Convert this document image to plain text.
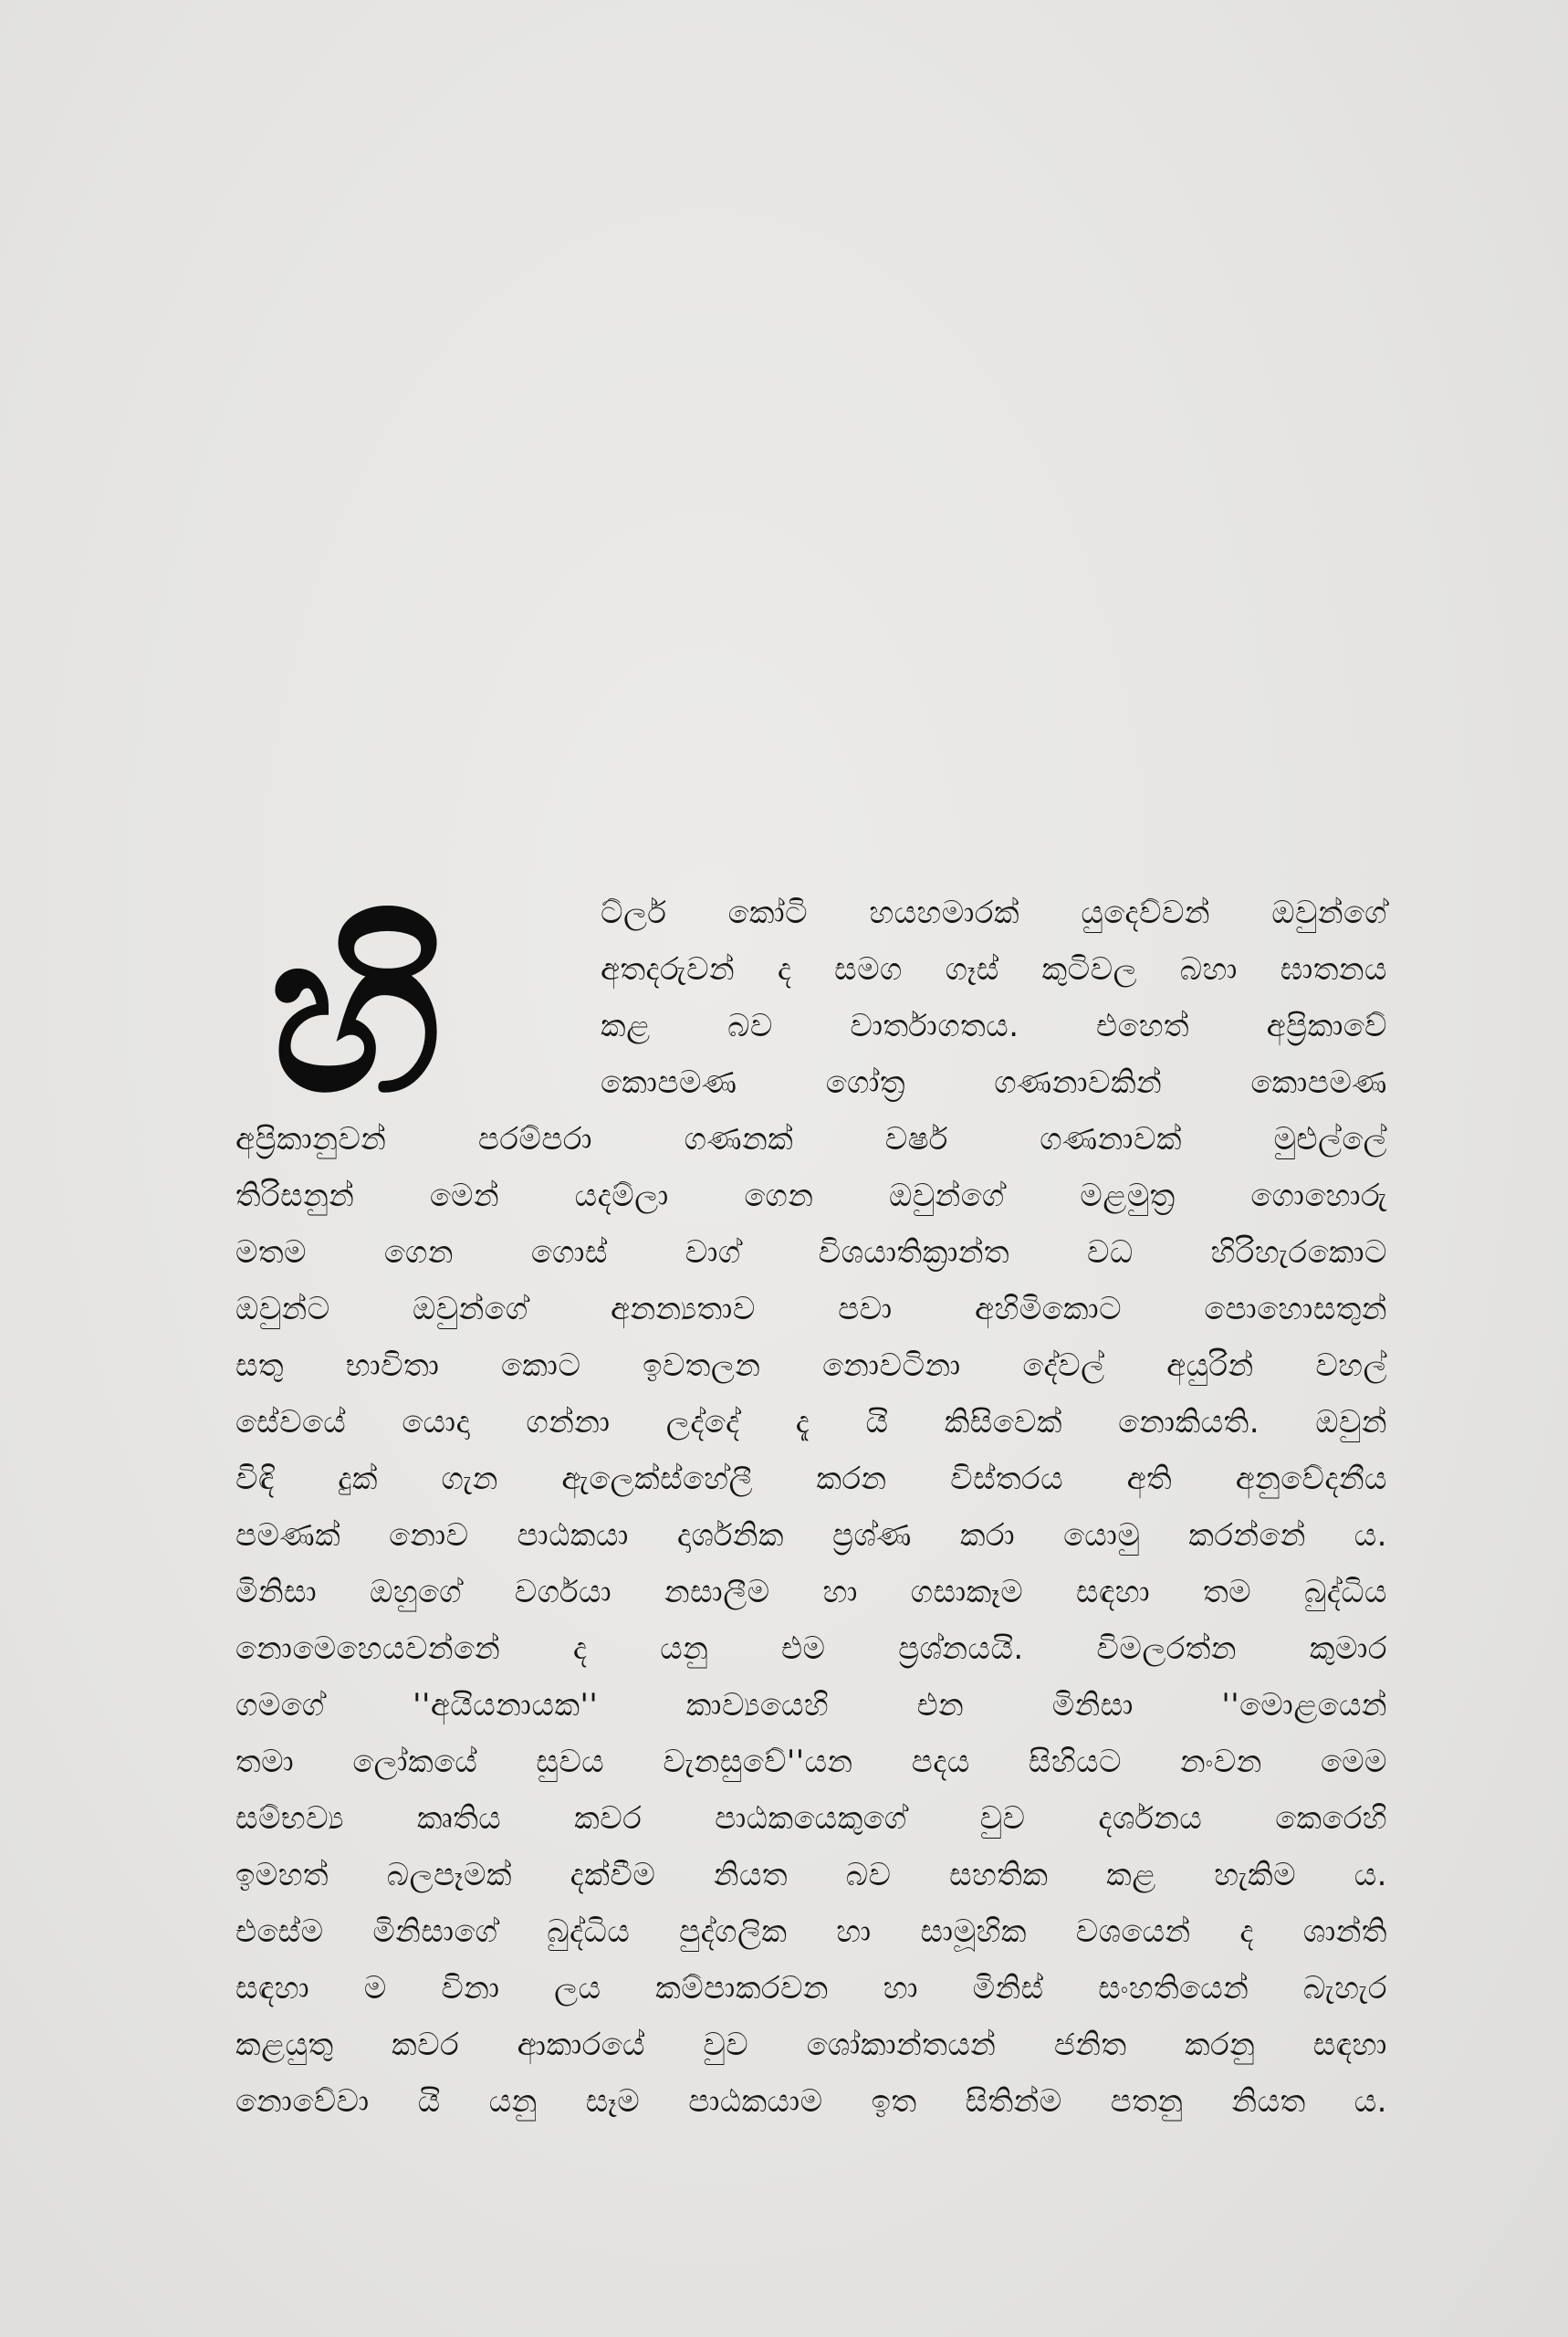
හි	ට්ලර් කෝටි හයහමාරක් යුදෙව්වන් ඔවුන්ගේ
අතදරුවන් ද සමග ගෑස් කුටිවල බහා ඝාතනය
කළ බව වාර්තාගතය. එහෙත් අප්‍රිකාවේ
කොපමණ ගෝත්‍ර ගණනාවකින් කොපමණ
අප්‍රිකානුවන් පරම්පරා ගණනක් වර්ෂ ගණනාවක් මුළුල්ලේ
තිරිසනුන් මෙන් යදම්ලා ගෙන ඔවුන්ගේ මළමුත්‍ර ගොහොරු
මතම ගෙන ගොස් වාග් විශයාතික්‍රාන්ත වධ හිරිහැරකොට
ඔවුන්ට ඔවුන්ගේ අනන්‍යතාව පවා අහිමිකොට පොහොසතුන්
සතු භාවිතා කොට ඉවතලන නොවටිනා දේවල් අයුරින් වහල්
සේවයේ යොදා ගන්නා ලද්දේ දැ යි කිසිවෙක් නොකියති. ඔවුන්
විඳි දුක් ගැන ඇලෙක්ස්හේලී කරන විස්තරය අති අනුවේදනීය
පමණක් නොව පාඨකයා දාර්ශනික ප්‍රශ්ණ කරා යොමු කරන්නේ ය.
මිනිසා ඔහුගේ වර්ගයා නසාලීම හා ගසාකෑම සඳහා තම බුද්ධිය
නොමෙහෙයවන්නේ ද යනු එම ප්‍රශ්නයයි. විමලරත්න කුමාර
ගමගේ ''අයියනායක'' කාව්‍යයෙහි එන මිනිසා ''මොළයෙන්
තමා ලෝකයේ සුවය වැනසුවේ''යන පදය සිහියට නංවන මෙම
සම්භව්‍ය කෘතිය කවර පාඨකයෙකුගේ වුව දර්ශනය කෙරෙහි
ඉමහත් බලපෑමක් දක්වීම නියත බව සහතික කළ හැකිම ය.
එසේම මිනිසාගේ බුද්ධිය පුද්ගලික හා සාමූහික වශයෙන් ද ශාන්ති
සඳහා ම විනා ලය කම්පාකරවන හා මිනිස් සංහතියෙන් බැහැර
කළයුතු කවර ආකාරයේ වුව ශෝකාන්තයන් ජනිත කරනු සඳහා
නොවේවා යි යනු සෑම පාඨකයාම ඉත සිතින්ම පතනු නියත ය.
